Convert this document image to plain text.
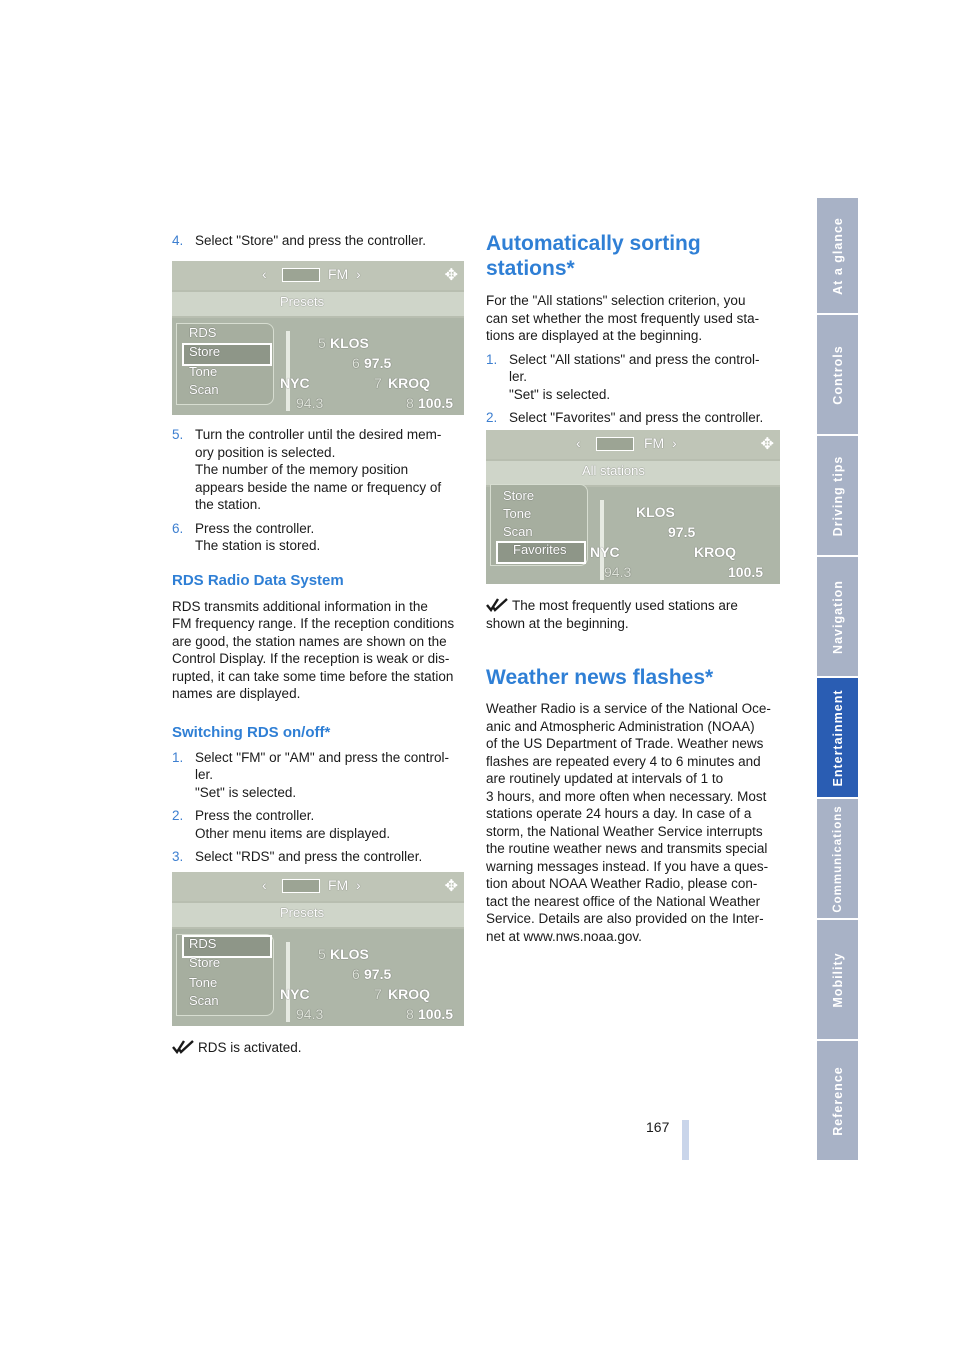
4. Select "Store" and press the controller.
‹	FM ›	✥
Presets
RDS
Store
Tone
Scan
5 KLOS
6 97.5
NYC	7 KROQ
94.3	8 100.5
5. Turn the controller until the desired mem-
ory position is selected.
The number of the memory position
appears beside the name or frequency of
the station.
6. Press the controller.
The station is stored.
RDS Radio Data System
RDS transmits additional information in the
FM frequency range. If the reception conditions
are good, the station names are shown on the
Control Display. If the reception is weak or dis-
rupted, it can take some time before the station
names are displayed.
Switching RDS on/off*
1. Select "FM" or "AM" and press the control-
ler.
"Set" is selected.
2. Press the controller.
Other menu items are displayed.
3. Select "RDS" and press the controller.
‹	FM ›	✥
Presets
RDS
Store
Tone
Scan
5 KLOS
6 97.5
NYC	7 KROQ
94.3	8 100.5
RDS is activated.
Automatically sorting
stations*
For the "All stations" selection criterion, you
can set whether the most frequently used sta-
tions are displayed at the beginning.
1. Select "All stations" and press the control-
ler.
"Set" is selected.
2. Select "Favorites" and press the controller.
‹	FM ›	✥
All stations
Store
Tone
Scan
Favorites
KLOS
97.5
NYC	KROQ
94.3	100.5
The most frequently used stations are
shown at the beginning.
Weather news flashes*
Weather Radio is a service of the National Oce-
anic and Atmospheric Administration (NOAA)
of the US Department of Trade. Weather news
flashes are repeated every 4 to 6 minutes and
are routinely updated at intervals of 1 to
3 hours, and more often when necessary. Most
stations operate 24 hours a day. In case of a
storm, the National Weather Service interrupts
the routine weather news and transmits special
warning messages instead. If you have a ques-
tion about NOAA Weather Radio, please con-
tact the nearest office of the National Weather
Service. Details are also provided on the Inter-
net at www.nws.noaa.gov.
167
At a glance
Controls
Driving tips
Navigation
Entertainment
Communications
Mobility
Reference
